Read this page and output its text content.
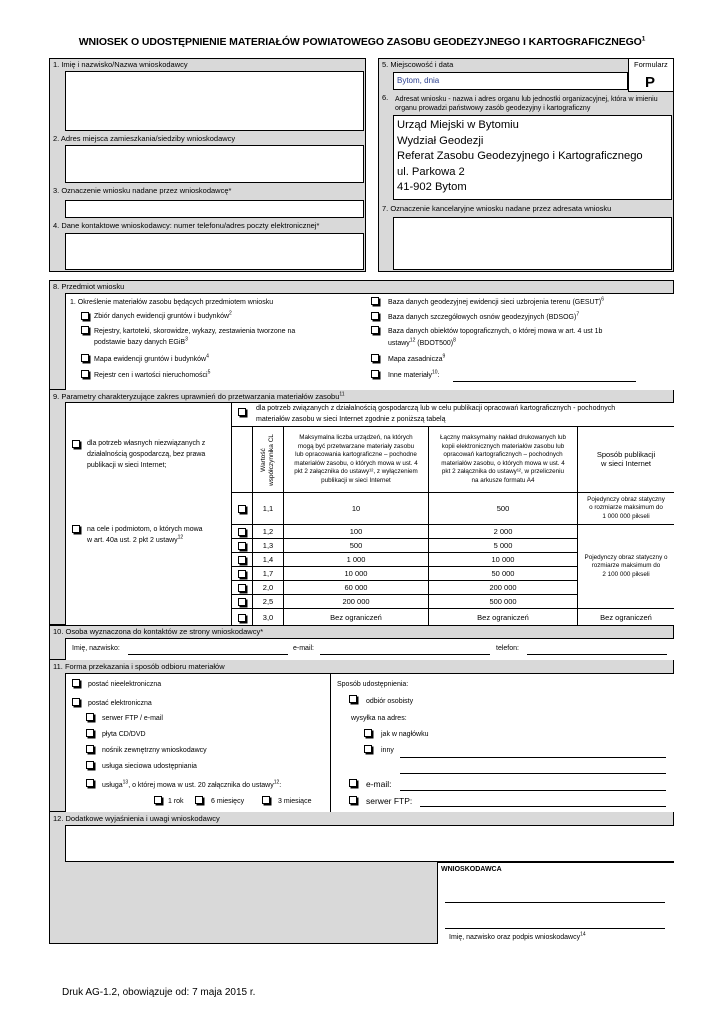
WNIOSEK O UDOSTĘPNIENIE MATERIAŁÓW POWIATOWEGO ZASOBU GEODEZYJNEGO I KARTOGRAFICZNEGO$^1$
1. Imię i nazwisko/Nazwa wnioskodawcy
2. Adres miejsca zamieszkania/siedziby wnioskodawcy
3. Oznaczenie wniosku nadane przez wnioskodawcę*
4. Dane kontaktowe wnioskodawcy: numer telefonu/adres poczty elektronicznej*
5. Miejscowość i data
Bytom, dnia
Formularz
P
6. Adresat wniosku - nazwa i adres organu lub jednostki organizacyjnej, która w imieniu organu prowadzi państwowy zasób geodezyjny i kartograficzny
Urząd Miejski w Bytomiu
Wydział Geodezji
Referat Zasobu Geodezyjnego i Kartograficznego
ul. Parkowa 2
41-902 Bytom
7. Oznaczenie kancelaryjne wniosku nadane przez adresata wniosku
Pole wypełnia adresat wniosku
8. Przedmiot wniosku
1. Określenie materiałów zasobu będących przedmiotem wniosku
Zbiór danych ewidencji gruntów i budynków$^2$
Rejestry, kartoteki, skorowidze, wykazy, zestawienia tworzone na
podstawie bazy danych EGiB$^3$
Mapa ewidencji gruntów i budynków$^4$
Rejestr cen i wartości nieruchomości$^5$
Baza danych geodezyjnej ewidencji sieci uzbrojenia terenu (GESUT)$^6$
Baza danych szczegółowych osnów geodezyjnych (BDSOG)$^7$
Baza danych obiektów topograficznych, o której mowa w art. 4 ust 1b
ustawy$^{12}$ (BDOT500)$^8$
Mapa zasadnicza$^9$
Inne materiały$^{10}$:
9. Parametry charakteryzujące zakres uprawnień do przetwarzania materiałów zasobu$^{11}$
dla potrzeb związanych z działalnością gospodarczą lub w celu publikacji opracowań kartograficznych - pochodnych
materiałów zasobu w sieci Internet zgodnie z poniższą tabelą
dla potrzeb własnych niezwiązanych z
działalnością gospodarczą, bez prawa
publikacji w sieci Internet;
na cele i podmiotom, o których mowa
w art. 40a ust. 2 pkt 2 ustawy$^{12}$
Wartość współczynnika CL	Maksymalna liczba urządzeń, na których
mogą być przetwarzane materiały zasobu
lub opracowania kartograficzne – pochodne
materiałów zasobu, o których mowa w ust. 4
pkt 2 załącznika do ustawy¹², z wyłączeniem
publikacji w sieci Internet
Łączny maksymalny nakład drukowanych lub
kopii elektronicznych materiałów zasobu lub
opracowań kartograficznych – pochodnych
materiałów zasobu, o których mowa w ust. 4
pkt 2 załącznika do ustawy¹², w przeliczeniu
na arkusze formatu A4
Sposób publikacji
w sieci Internet
1,1	10	500
Pojedynczy obraz statyczny
o rozmiarze maksimum do
1 000 000 pikseli
1,2	100	2 000
1,3	500	5 000
1,4	1 000	10 000
1,7	10 000	50 000
2,0	60 000	200 000
2,5	200 000	500 000
Pojedynczy obraz statyczny o
rozmiarze maksimum do
2 100 000 pikseli
3,0	Bez ograniczeń	Bez ograniczeń	Bez ograniczeń
10. Osoba wyznaczona do kontaktów ze strony wnioskodawcy*
Imię, nazwisko:	e-mail:	telefon:
11. Forma przekazania i sposób odbioru materiałów
postać nieelektroniczna
postać elektroniczna
serwer FTP / e-mail
płyta CD/DVD
nośnik zewnętrzny wnioskodawcy
usługa sieciowa udostępniania
usługa$^{13}$, o której mowa w ust. 20 załącznika do ustawy$^{12}$:
1 rok	6 miesięcy	3 miesiące
Sposób udostępnienia:
odbiór osobisty
wysyłka na adres:
jak w nagłówku
inny
e-mail:
serwer FTP:
12. Dodatkowe wyjaśnienia i uwagi wnioskodawcy
WNIOSKODAWCA
Imię, nazwisko oraz podpis wnioskodawcy$^{14}$
Druk AG-1.2, obowiązuje od: 7 maja 2015 r.
